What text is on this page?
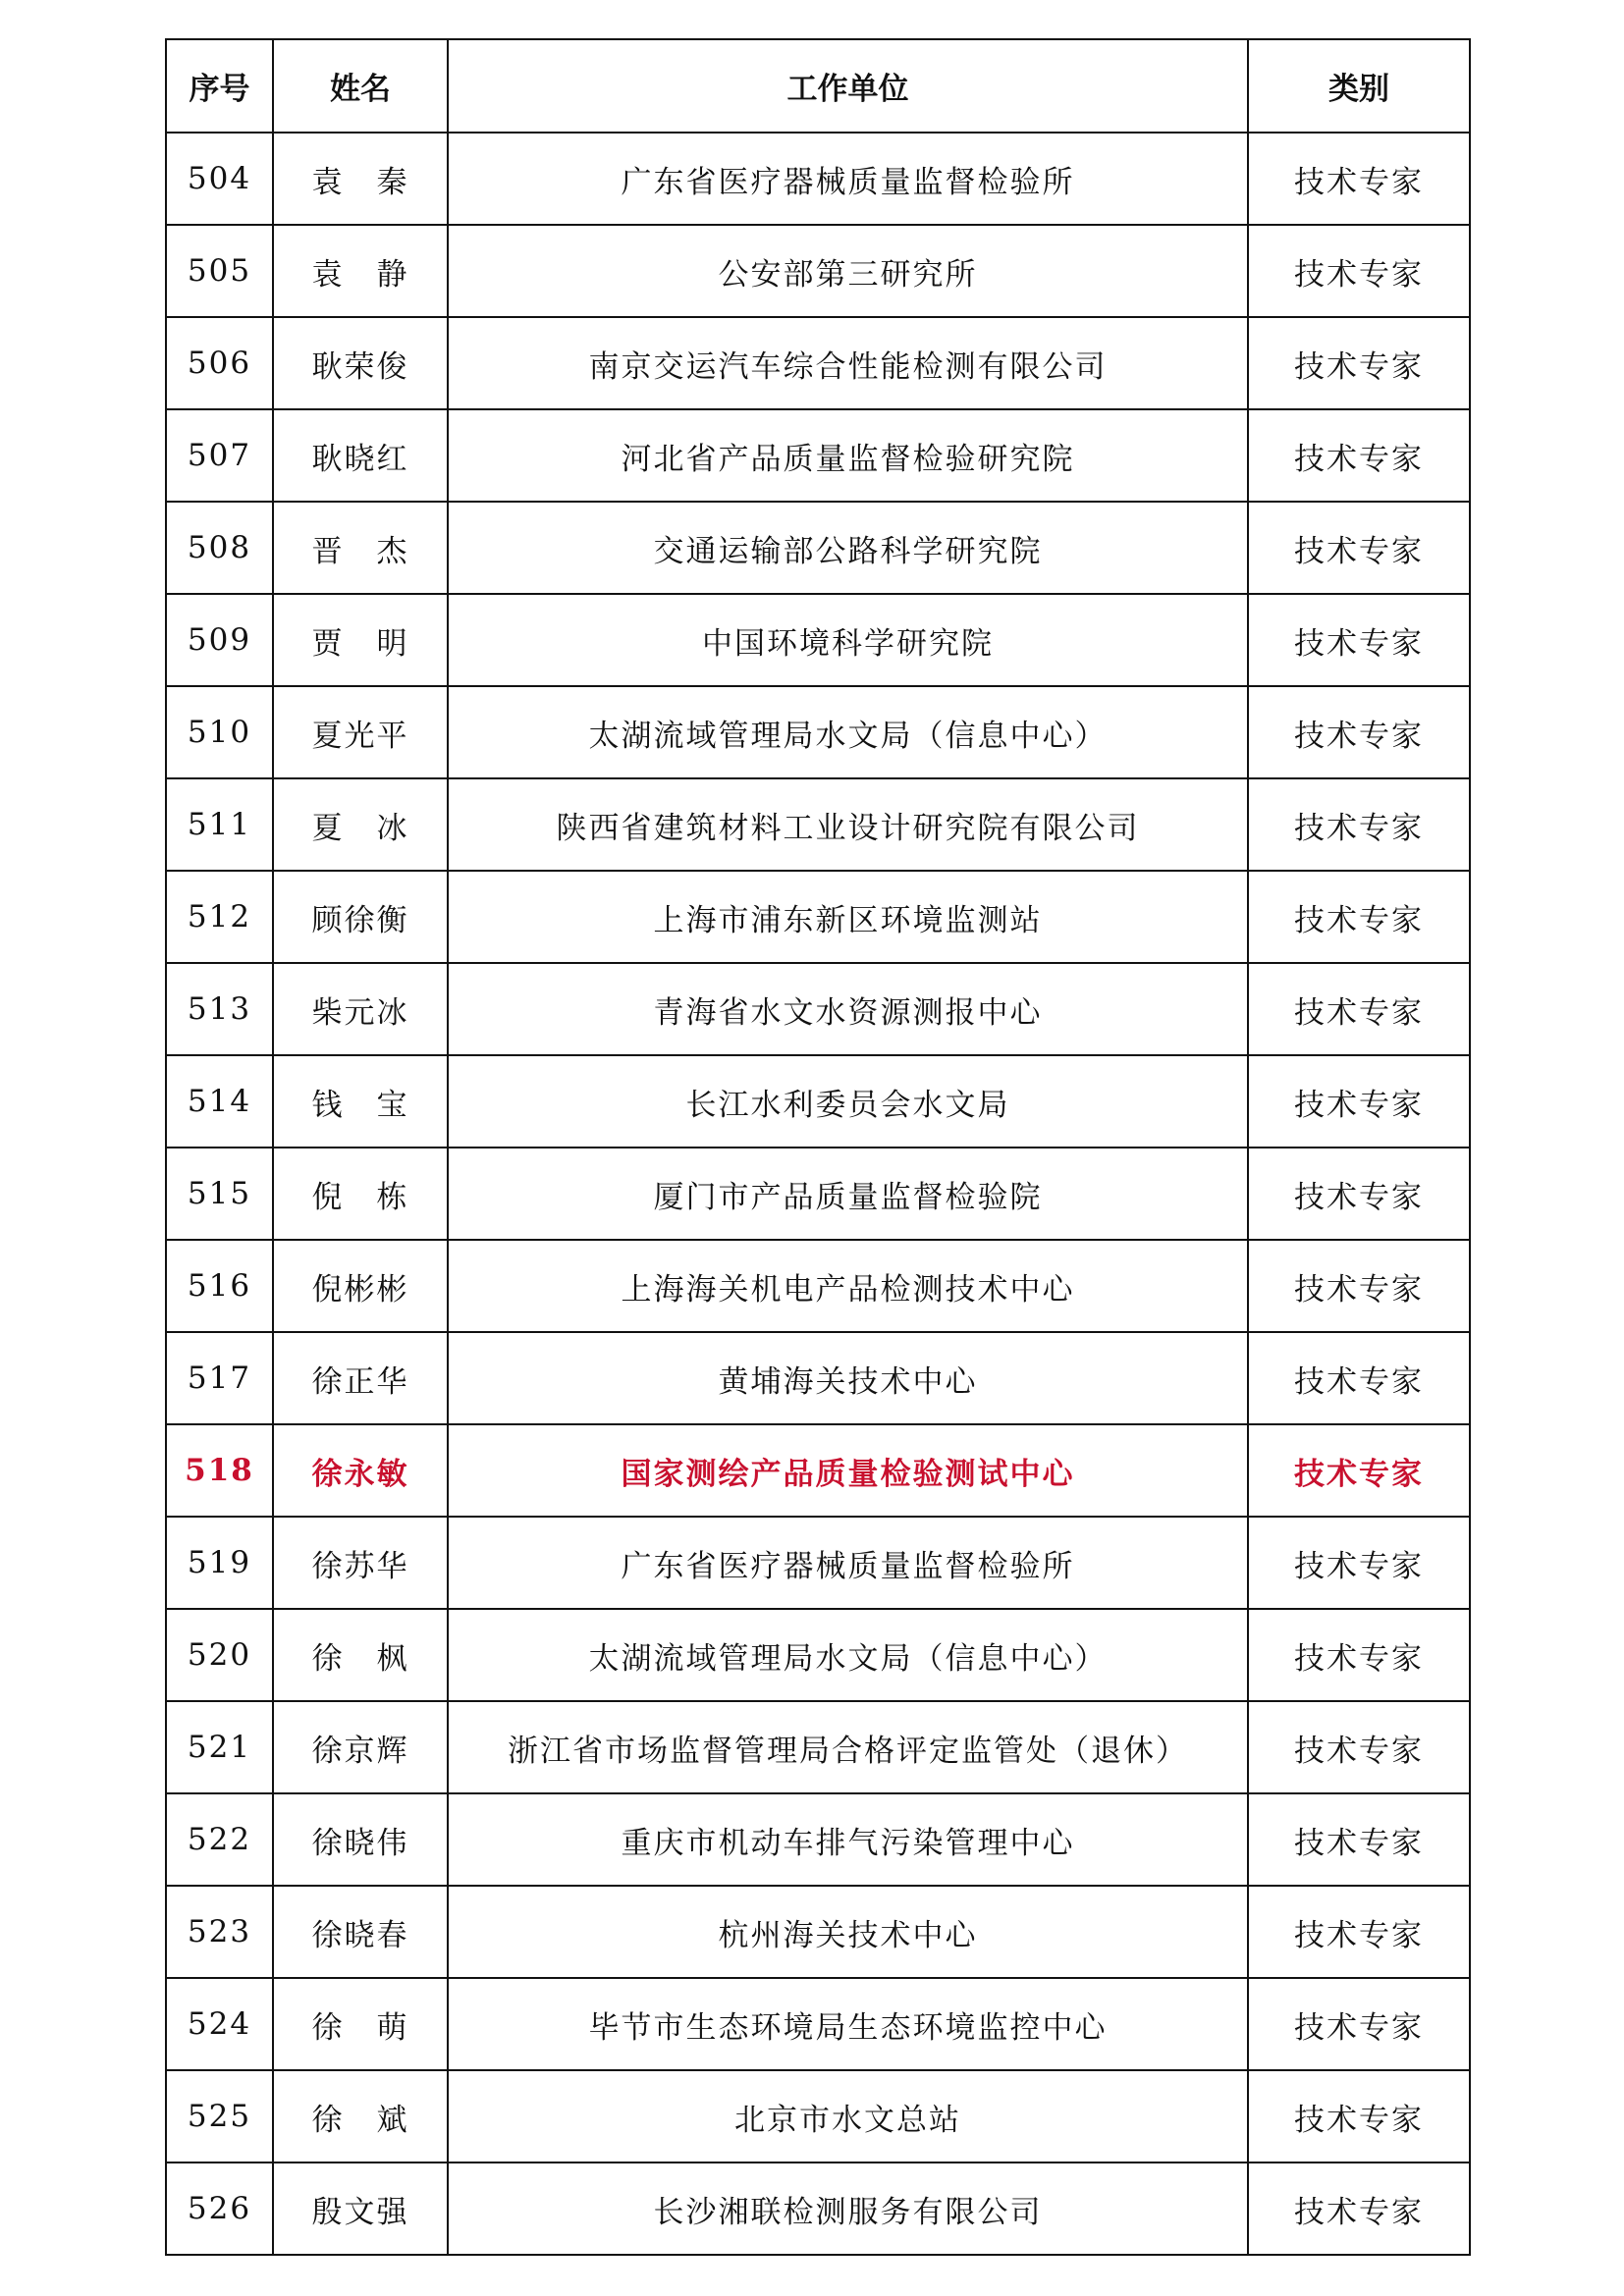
序号	姓名	工作单位	类别
504	袁　秦	广东省医疗器械质量监督检验所	技术专家
505	袁　静	公安部第三研究所	技术专家
506	耿荣俊	南京交运汽车综合性能检测有限公司	技术专家
507	耿晓红	河北省产品质量监督检验研究院	技术专家
508	晋　杰	交通运输部公路科学研究院	技术专家
509	贾　明	中国环境科学研究院	技术专家
510	夏光平	太湖流域管理局水文局（信息中心）	技术专家
511	夏　冰	陕西省建筑材料工业设计研究院有限公司	技术专家
512	顾徐衡	上海市浦东新区环境监测站	技术专家
513	柴元冰	青海省水文水资源测报中心	技术专家
514	钱　宝	长江水利委员会水文局	技术专家
515	倪　栋	厦门市产品质量监督检验院	技术专家
516	倪彬彬	上海海关机电产品检测技术中心	技术专家
517	徐正华	黄埔海关技术中心	技术专家
518	徐永敏	国家测绘产品质量检验测试中心	技术专家
519	徐苏华	广东省医疗器械质量监督检验所	技术专家
520	徐　枫	太湖流域管理局水文局（信息中心）	技术专家
521	徐京辉	浙江省市场监督管理局合格评定监管处（退休）	技术专家
522	徐晓伟	重庆市机动车排气污染管理中心	技术专家
523	徐晓春	杭州海关技术中心	技术专家
524	徐　萌	毕节市生态环境局生态环境监控中心	技术专家
525	徐　斌	北京市水文总站	技术专家
526	殷文强	长沙湘联检测服务有限公司	技术专家
